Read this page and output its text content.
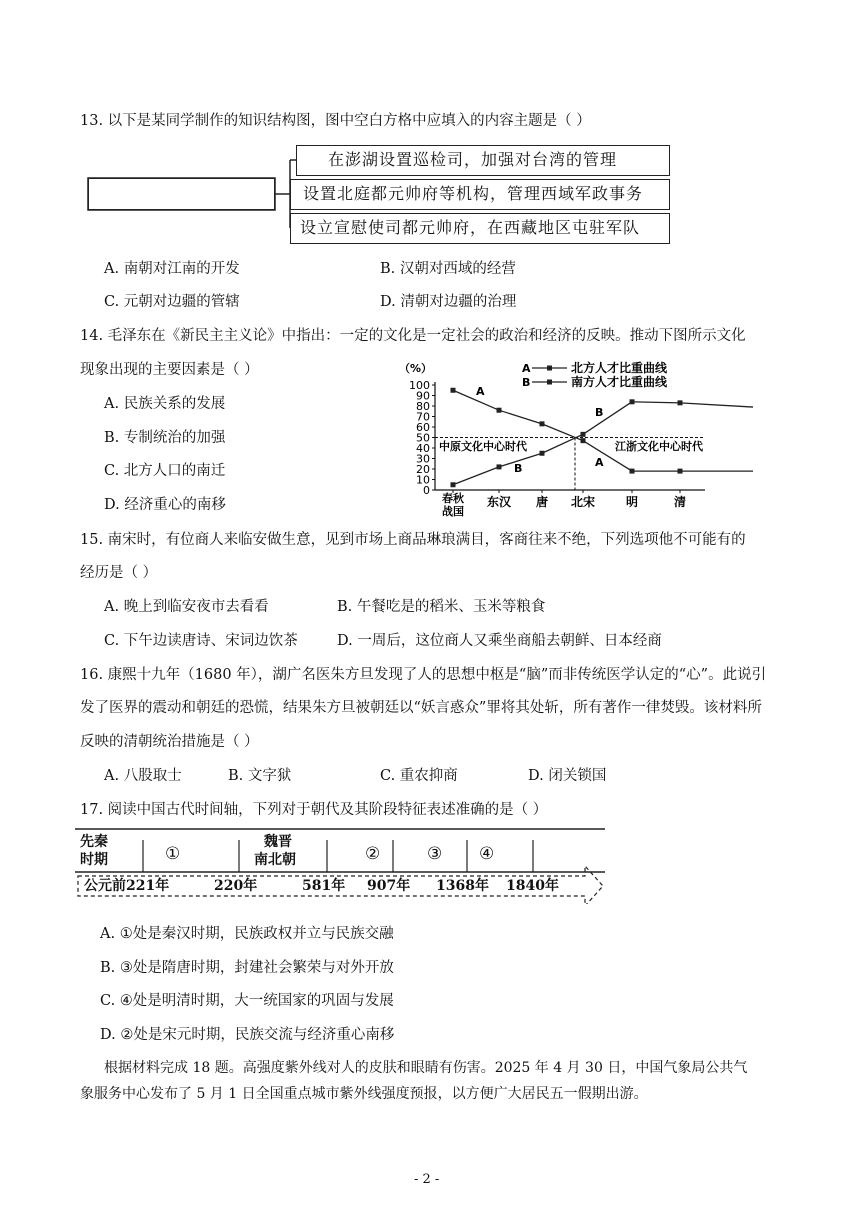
13. 以下是某同学制作的知识结构图，图中空白方格中应填入的内容主题是（ ）
在澎湖设置巡检司，加强对台湾的管理
设置北庭都元帅府等机构，管理西域军政事务
设立宣慰使司都元帅府，在西藏地区屯驻军队
A. 南朝对江南的开发	B. 汉朝对西域的经营
C. 元朝对边疆的管辖	D. 清朝对边疆的治理
14. 毛泽东在《新民主主义论》中指出：一定的文化是一定社会的政治和经济的反映。推动下图所示文化
现象出现的主要因素是（ ）
A. 民族关系的发展
B. 专制统治的加强
C. 北方人口的南迁
D. 经济重心的南移
（%）
0
10
20
30
40
50
60
70
80
90
100
春秋
战国
东汉 唐 北宋	明	清
中原文化中心时代	江浙文化中心时代
A
A
B
B
A	北方人才比重曲线
B	南方人才比重曲线
15. 南宋时，有位商人来临安做生意，见到市场上商品琳琅满目，客商往来不绝，下列选项他不可能有的
经历是（ ）
A. 晚上到临安夜市去看看	B. 午餐吃是的稻米、玉米等粮食
C. 下午边读唐诗、宋词边饮茶	D. 一周后，这位商人又乘坐商船去朝鲜、日本经商
16. 康熙十九年（1680 年），湖广名医朱方旦发现了人的思想中枢是“脑”而非传统医学认定的“心”。此说引
发了医界的震动和朝廷的恐慌，结果朱方旦被朝廷以“妖言惑众”罪将其处斩，所有著作一律焚毁。该材料所
反映的清朝统治措施是（ ）
A. 八股取士	B. 文字狱	C. 重农抑商	D. 闭关锁国
17. 阅读中国古代时间轴，下列对于朝代及其阶段特征表述准确的是（ ）
先秦
时期	①
魏晋
南北朝	②	③ ④
公元前221年	220年	581年 907年 1368年 1840年
A. ①处是秦汉时期，民族政权并立与民族交融
B. ③处是隋唐时期，封建社会繁荣与对外开放
C. ④处是明清时期，大一统国家的巩固与发展
D. ②处是宋元时期，民族交流与经济重心南移
根据材料完成 18 题。高强度紫外线对人的皮肤和眼睛有伤害。2025 年 4 月 30 日，中国气象局公共气
象服务中心发布了 5 月 1 日全国重点城市紫外线强度预报，以方便广大居民五一假期出游。
- 2 -
